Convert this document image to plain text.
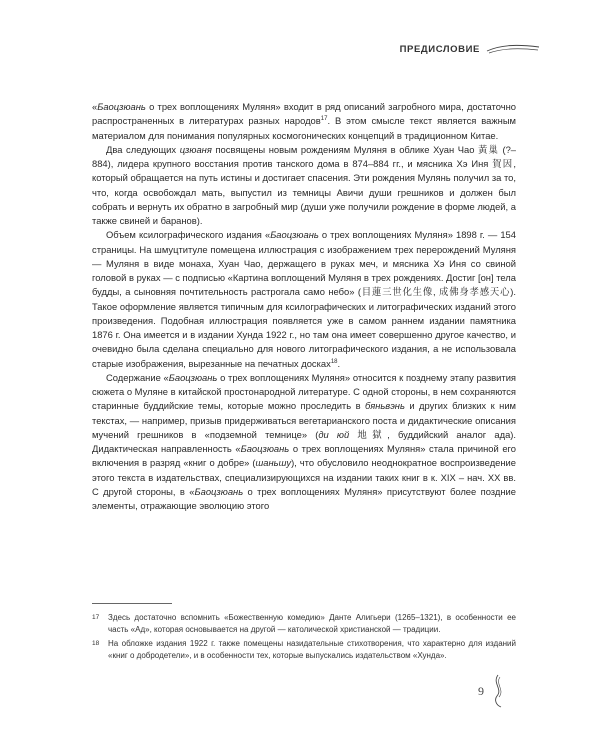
ПРЕДИСЛОВИЕ

«Баоцзюань о трех воплощениях Муляня» входит в ряд описаний загробного мира, достаточно распространенных в литературах разных народов$^{17}$. В этом смысле текст является важным материалом для понимания популярных космогонических концепций в традиционном Китае.

Два следующих цзюаня посвящены новым рождениям Муляня в облике Хуан Чао 黃巢 (?–884), лидера крупного восстания против танского дома в 874–884 гг., и мясника Хэ Иня 賀因, который обращается на путь истины и достигает спасения. Эти рождения Мулянь получил за то, что, когда освобождал мать, выпустил из темницы Авичи души грешников и должен был собрать и вернуть их обратно в загробный мир (души уже получили рождение в форме людей, а также свиней и баранов).

Объем ксилографического издания «Баоцзюань о трех воплощениях Муляня» 1898 г. — 154 страницы. На шмуцтитуле помещена иллюстрация с изображением трех перерождений Муляня — Муляня в виде монаха, Хуан Чао, держащего в руках меч, и мясника Хэ Иня со свиной головой в руках — с подписью «Картина воплощений Муляня в трех рождениях. Достиг [он] тела будды, а сыновняя почтительность растрогала само небо» (目蓮三世化生像, 成佛身孝感天心). Такое оформление является типичным для ксилографических и литографических изданий этого произведения. Подобная иллюстрация появляется уже в самом раннем издании памятника 1876 г. Она имеется и в издании Хунда 1922 г., но там она имеет совершенно другое качество, и очевидно была сделана специально для нового литографического издания, а не использовала старые изображения, вырезанные на печатных досках$^{18}$.

Содержание «Баоцзюань о трех воплощениях Муляня» относится к позднему этапу развития сюжета о Муляне в китайской простонародной литературе. С одной стороны, в нем сохраняются старинные буддийские темы, которые можно проследить в бяньвэнь и других близких к ним текстах, — например, призыв придерживаться вегетарианского поста и дидактические описания мучений грешников в «подземной темнице» (ди юй 地獄, буддийский аналог ада). Дидактическая направленность «Баоцзюань о трех воплощениях Муляня» стала причиной его включения в разряд «книг о добре» (шаньшу), что обусловило неоднократное воспроизведение этого текста в издательствах, специализирующихся на издании таких книг в к. XIX – нач. XX вв. С другой стороны, в «Баоцзюань о трех воплощениях Муляня» присутствуют более поздние элементы, отражающие эволюцию этого

17	Здесь достаточно вспомнить «Божественную комедию» Данте Алигьери (1265–1321), в особенности ее часть «Ад», которая основывается на другой — католической христианской — традиции.
18	На обложке издания 1922 г. также помещены назидательные стихотворения, что характерно для изданий «книг о добродетели», и в особенности тех, которые выпускались издательством «Хунда».
9
